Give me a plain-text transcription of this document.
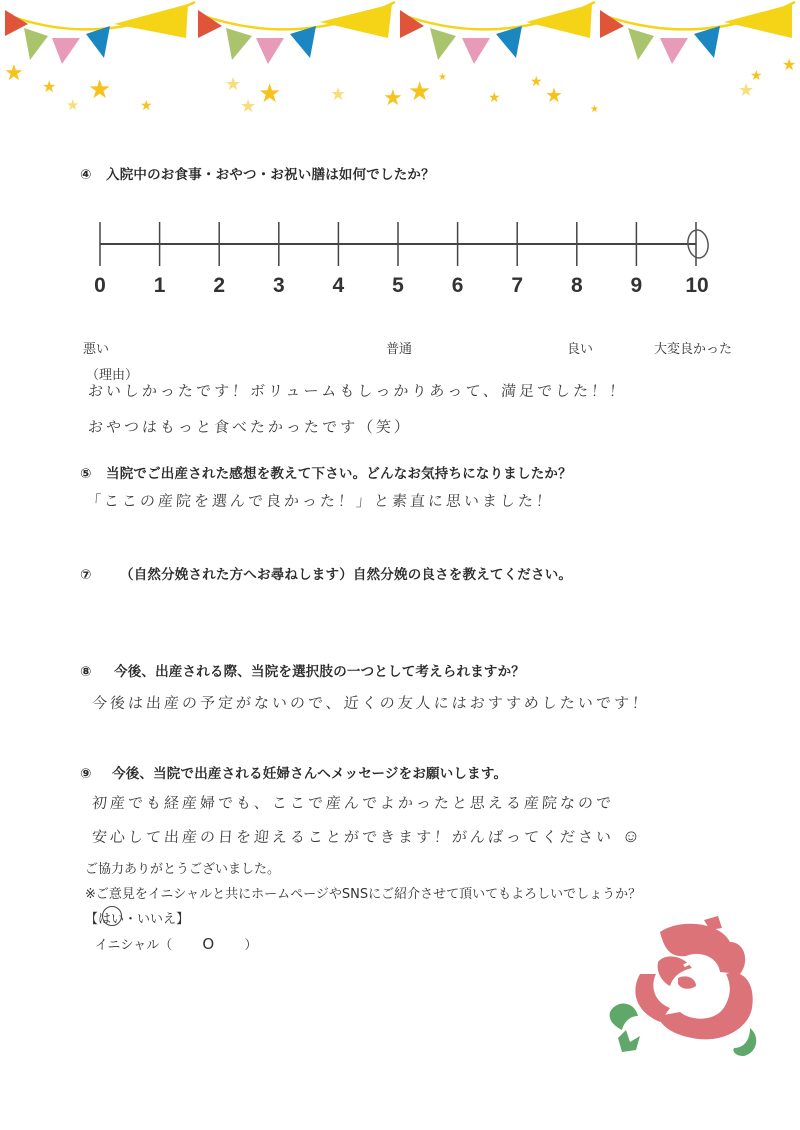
★
★ ★
★	★
★ ★
★
★ ★ ★ ★
★
★
★
★
★
★
★
④ 入院中のお食事・おやつ・お祝い膳は如何でしたか？
0 1 2 3 4 5 6 7 8 9 10
悪い	普通	良い	大変良かった
（理由）
おいしかったです！ボリュームもしっかりあって、満足でした！！
おやつはもっと食べたかったです（笑）
⑤ 当院でご出産された感想を教えて下さい。どんなお気持ちになりましたか？
「ここの産院を選んで良かった！」と素直に思いました！
⑦ （自然分娩された方へお尋ねします）自然分娩の良さを教えてください。
⑧ 今後、出産される際、当院を選択肢の一つとして考えられますか？
今後は出産の予定がないので、近くの友人にはおすすめしたいです！
⑨ 今後、当院で出産される妊婦さんへメッセージをお願いします。
初産でも経産婦でも、ここで産んでよかったと思える産院なので
安心して出産の日を迎えることができます！がんばってください ☺
ご協力ありがとうございました。
※ご意見をイニシャルと共にホームページやSNSにご紹介させて頂いてもよろしいでしょうか？
【はい・いいえ】
イニシャル（ O ）
